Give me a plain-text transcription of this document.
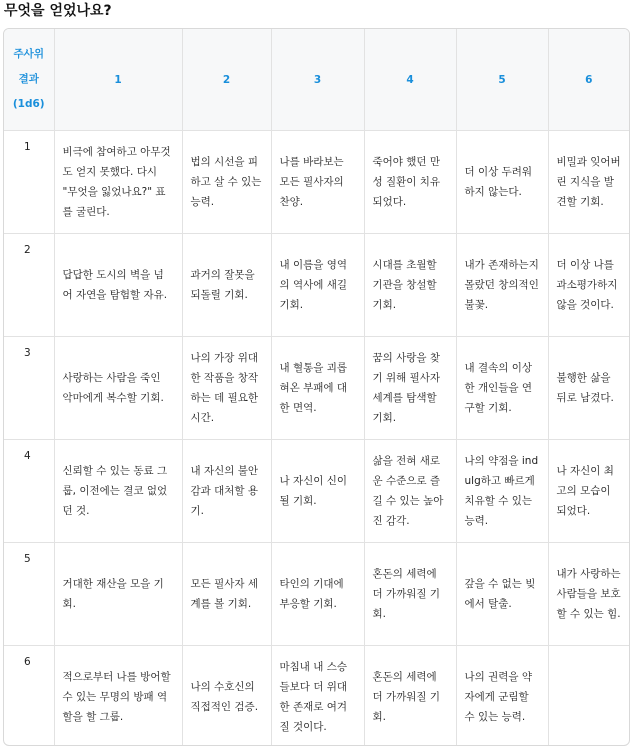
무엇을 얻었나요?
주사위 결과 (1d6)	1	2	3	4	5	6
1	비극에 참여하고 아무것도 얻지 못했다. 다시 "무엇을 잃었나요?" 표를 굴린다.	법의 시선을 피하고 살 수 있는 능력.	나를 바라보는 모든 필사자의 찬양.	죽어야 했던 만성 질환이 치유되었다.	더 이상 두려워하지 않는다.	비밀과 잊어버린 지식을 발견할 기회.
2	답답한 도시의 벽을 넘어 자연을 탐험할 자유.	과거의 잘못을 되돌릴 기회.	내 이름을 영역의 역사에 새길 기회.	시대를 초월할 기관을 창설할 기회.	내가 존재하는지 몰랐던 창의적인 불꽃.	더 이상 나를 과소평가하지 않을 것이다.
3	사랑하는 사람을 죽인 악마에게 복수할 기회.	나의 가장 위대한 작품을 창작하는 데 필요한 시간.	내 혈통을 괴롭혀온 부패에 대한 면역.	꿈의 사랑을 찾기 위해 필사자 세계를 탐색할 기회.	내 결속의 이상한 개인들을 연구할 기회.	불행한 삶을 뒤로 남겼다.
4	신뢰할 수 있는 동료 그룹, 이전에는 결코 없었던 것.	내 자신의 불안감과 대처할 용기.	나 자신이 신이 될 기회.	삶을 전혀 새로운 수준으로 즐길 수 있는 높아진 감각.	나의 약점을 indulg하고 빠르게 치유할 수 있는 능력.	나 자신이 최고의 모습이 되었다.
5	거대한 재산을 모을 기회.	모든 필사자 세계를 볼 기회.	타인의 기대에 부응할 기회.	혼돈의 세력에 더 가까워질 기회.	갚을 수 없는 빚에서 탈출.	내가 사랑하는 사람들을 보호할 수 있는 힘.
6	적으로부터 나를 방어할 수 있는 무명의 방패 역할을 할 그룹.	나의 수호신의 직접적인 검증.	마침내 내 스승들보다 더 위대한 존재로 여겨질 것이다.	혼돈의 세력에 더 가까워질 기회.	나의 권력을 약자에게 군림할 수 있는 능력.	
